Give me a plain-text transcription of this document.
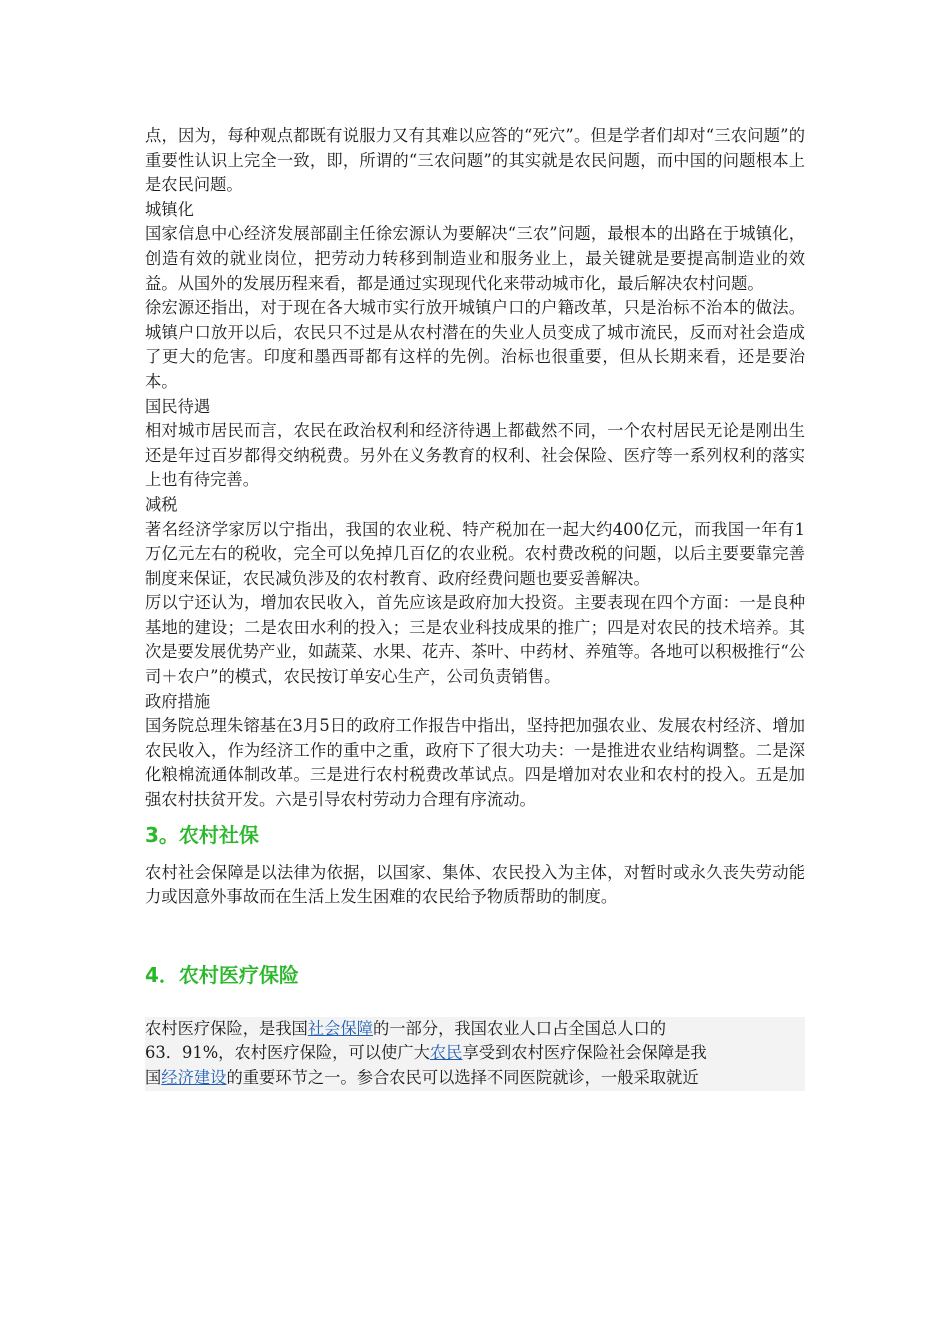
点，因为，每种观点都既有说服力又有其难以应答的“死穴”。但是学者们却对“三农问题”的重要性认识上完全一致，即，所谓的“三农问题”的其实就是农民问题，而中国的问题根本上是农民问题。

城镇化

国家信息中心经济发展部副主任徐宏源认为要解决“三农”问题，最根本的出路在于城镇化，创造有效的就业岗位，把劳动力转移到制造业和服务业上，最关键就是要提高制造业的效益。从国外的发展历程来看，都是通过实现现代化来带动城市化，最后解决农村问题。

徐宏源还指出，对于现在各大城市实行放开城镇户口的户籍改革，只是治标不治本的做法。城镇户口放开以后，农民只不过是从农村潜在的失业人员变成了城市流民，反而对社会造成了更大的危害。印度和墨西哥都有这样的先例。治标也很重要，但从长期来看，还是要治本。

国民待遇

相对城市居民而言，农民在政治权利和经济待遇上都截然不同，一个农村居民无论是刚出生还是年过百岁都得交纳税费。另外在义务教育的权利、社会保险、医疗等一系列权利的落实上也有待完善。

减税

著名经济学家厉以宁指出，我国的农业税、特产税加在一起大约400亿元，而我国一年有1万亿元左右的税收，完全可以免掉几百亿的农业税。农村费改税的问题，以后主要要靠完善制度来保证，农民减负涉及的农村教育、政府经费问题也要妥善解决。

厉以宁还认为，增加农民收入，首先应该是政府加大投资。主要表现在四个方面：一是良种基地的建设；二是农田水利的投入；三是农业科技成果的推广；四是对农民的技术培养。其次是要发展优势产业，如蔬菜、水果、花卉、茶叶、中药材、养殖等。各地可以积极推行“公司＋农户”的模式，农民按订单安心生产，公司负责销售。

政府措施

国务院总理朱镕基在3月5日的政府工作报告中指出，坚持把加强农业、发展农村经济、增加农民收入，作为经济工作的重中之重，政府下了很大功夫：一是推进农业结构调整。二是深化粮棉流通体制改革。三是进行农村税费改革试点。四是增加对农业和农村的投入。五是加强农村扶贫开发。六是引导农村劳动力合理有序流动。

3。农村社保

农村社会保障是以法律为依据，以国家、集体、农民投入为主体，对暂时或永久丧失劳动能力或因意外事故而在生活上发生困难的农民给予物质帮助的制度。

4．农村医疗保险
农村医疗保险，是我国社会保障的一部分，我国农业人口占全国总人口的
63．91%，农村医疗保险，可以使广大农民享受到农村医疗保险社会保障是我
国经济建设的重要环节之一。参合农民可以选择不同医院就诊，一般采取就近
